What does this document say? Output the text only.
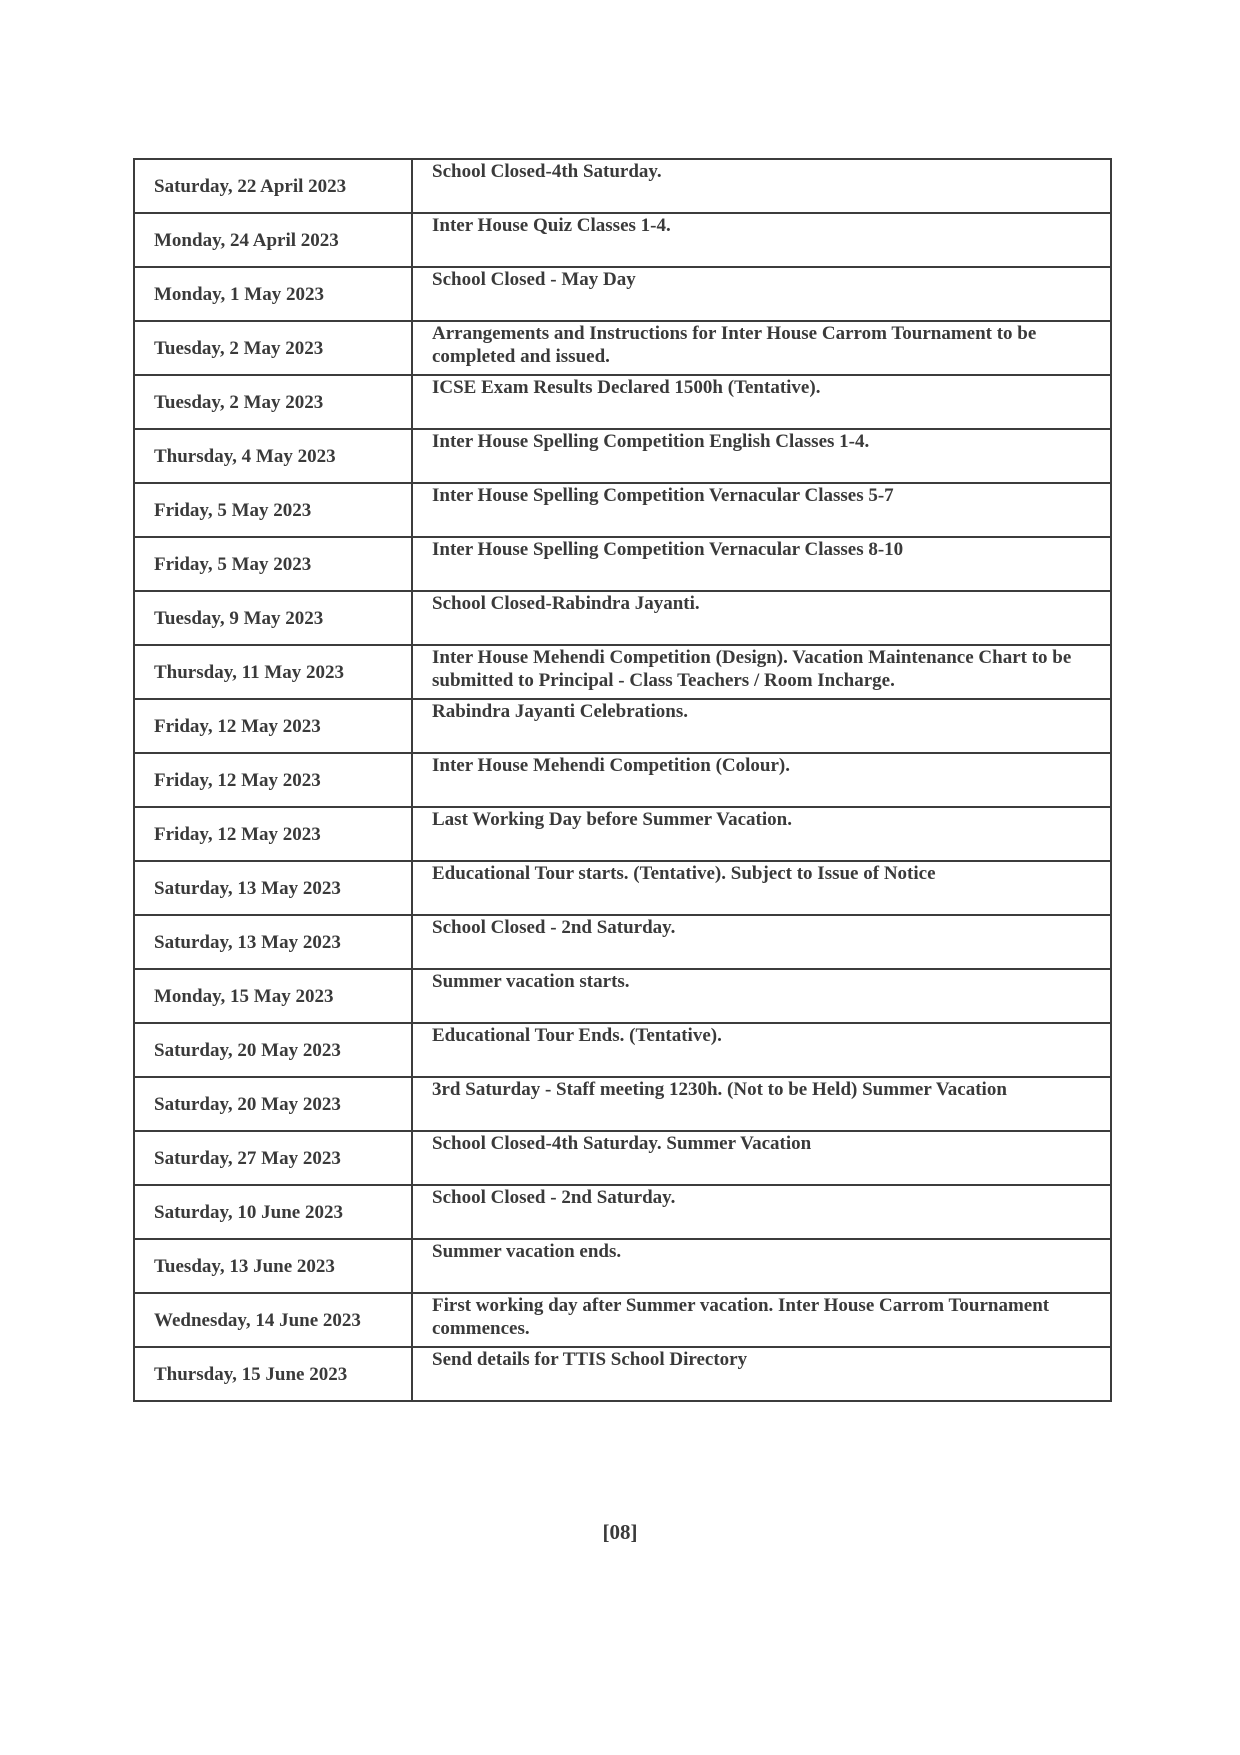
Saturday, 22 April 2023	School Closed-4th Saturday.
Monday, 24 April 2023	Inter House Quiz Classes 1-4.
Monday, 1 May 2023	School Closed - May Day
Tuesday, 2 May 2023	Arrangements and Instructions for Inter House Carrom Tournament to be completed and issued.
Tuesday, 2 May 2023	ICSE Exam Results Declared 1500h (Tentative).
Thursday, 4 May 2023	Inter House Spelling Competition English Classes 1-4.
Friday, 5 May 2023	Inter House Spelling Competition Vernacular Classes 5-7
Friday, 5 May 2023	Inter House Spelling Competition Vernacular Classes 8-10
Tuesday, 9 May 2023	School Closed-Rabindra Jayanti.
Thursday, 11 May 2023	Inter House Mehendi Competition (Design). Vacation Maintenance Chart to be submitted to Principal - Class Teachers / Room Incharge.
Friday, 12 May 2023	Rabindra Jayanti Celebrations.
Friday, 12 May 2023	Inter House Mehendi Competition (Colour).
Friday, 12 May 2023	Last Working Day before Summer Vacation.
Saturday, 13 May 2023	Educational Tour starts. (Tentative). Subject to Issue of Notice
Saturday, 13 May 2023	School Closed - 2nd Saturday.
Monday, 15 May 2023	Summer vacation starts.
Saturday, 20 May 2023	Educational Tour Ends. (Tentative).
Saturday, 20 May 2023	3rd Saturday - Staff meeting 1230h. (Not to be Held) Summer Vacation
Saturday, 27 May 2023	School Closed-4th Saturday. Summer Vacation
Saturday, 10 June 2023	School Closed - 2nd Saturday.
Tuesday, 13 June 2023	Summer vacation ends.
Wednesday, 14 June 2023	First working day after Summer vacation. Inter House Carrom Tournament commences.
Thursday, 15 June 2023	Send details for TTIS School Directory
[08]
